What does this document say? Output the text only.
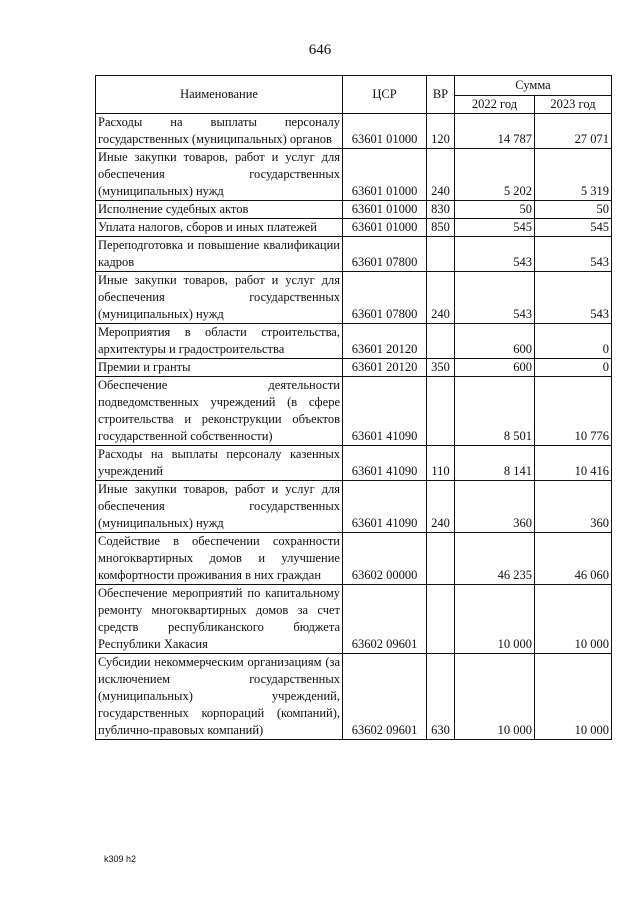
646
Наименование	ЦСР	ВР	Сумма	
			2022 год	2023 год
Расходы на выплаты персоналу государственных (муниципальных) органов	63601 01000	120	14 787	27 071
Иные закупки товаров, работ и услуг для обеспечения государственных (муниципальных) нужд	63601 01000	240	5 202	5 319
Исполнение судебных актов	63601 01000	830	50	50
Уплата налогов, сборов и иных платежей	63601 01000	850	545	545
Переподготовка и повышение квалификации кадров	63601 07800		543	543
Иные закупки товаров, работ и услуг для обеспечения государственных (муниципальных) нужд	63601 07800	240	543	543
Мероприятия в области строительства, архитектуры и градостроительства	63601 20120		600	0
Премии и гранты	63601 20120	350	600	0
Обеспечение деятельности подведомственных учреждений (в сфере строительства и реконструкции объектов государственной собственности)	63601 41090		8 501	10 776
Расходы на выплаты персоналу казенных учреждений	63601 41090	110	8 141	10 416
Иные закупки товаров, работ и услуг для обеспечения государственных (муниципальных) нужд	63601 41090	240	360	360
Содействие в обеспечении сохранности многоквартирных домов и улучшение комфортности проживания в них граждан	63602 00000		46 235	46 060
Обеспечение мероприятий по капитальному ремонту многоквартирных домов за счет средств республиканского бюджета Республики Хакасия	63602 09601		10 000	10 000
Субсидии некоммерческим организациям (за исключением государственных (муниципальных) учреждений, государственных корпораций (компаний), публично-правовых компаний)	63602 09601	630	10 000	10 000
k309 h2
